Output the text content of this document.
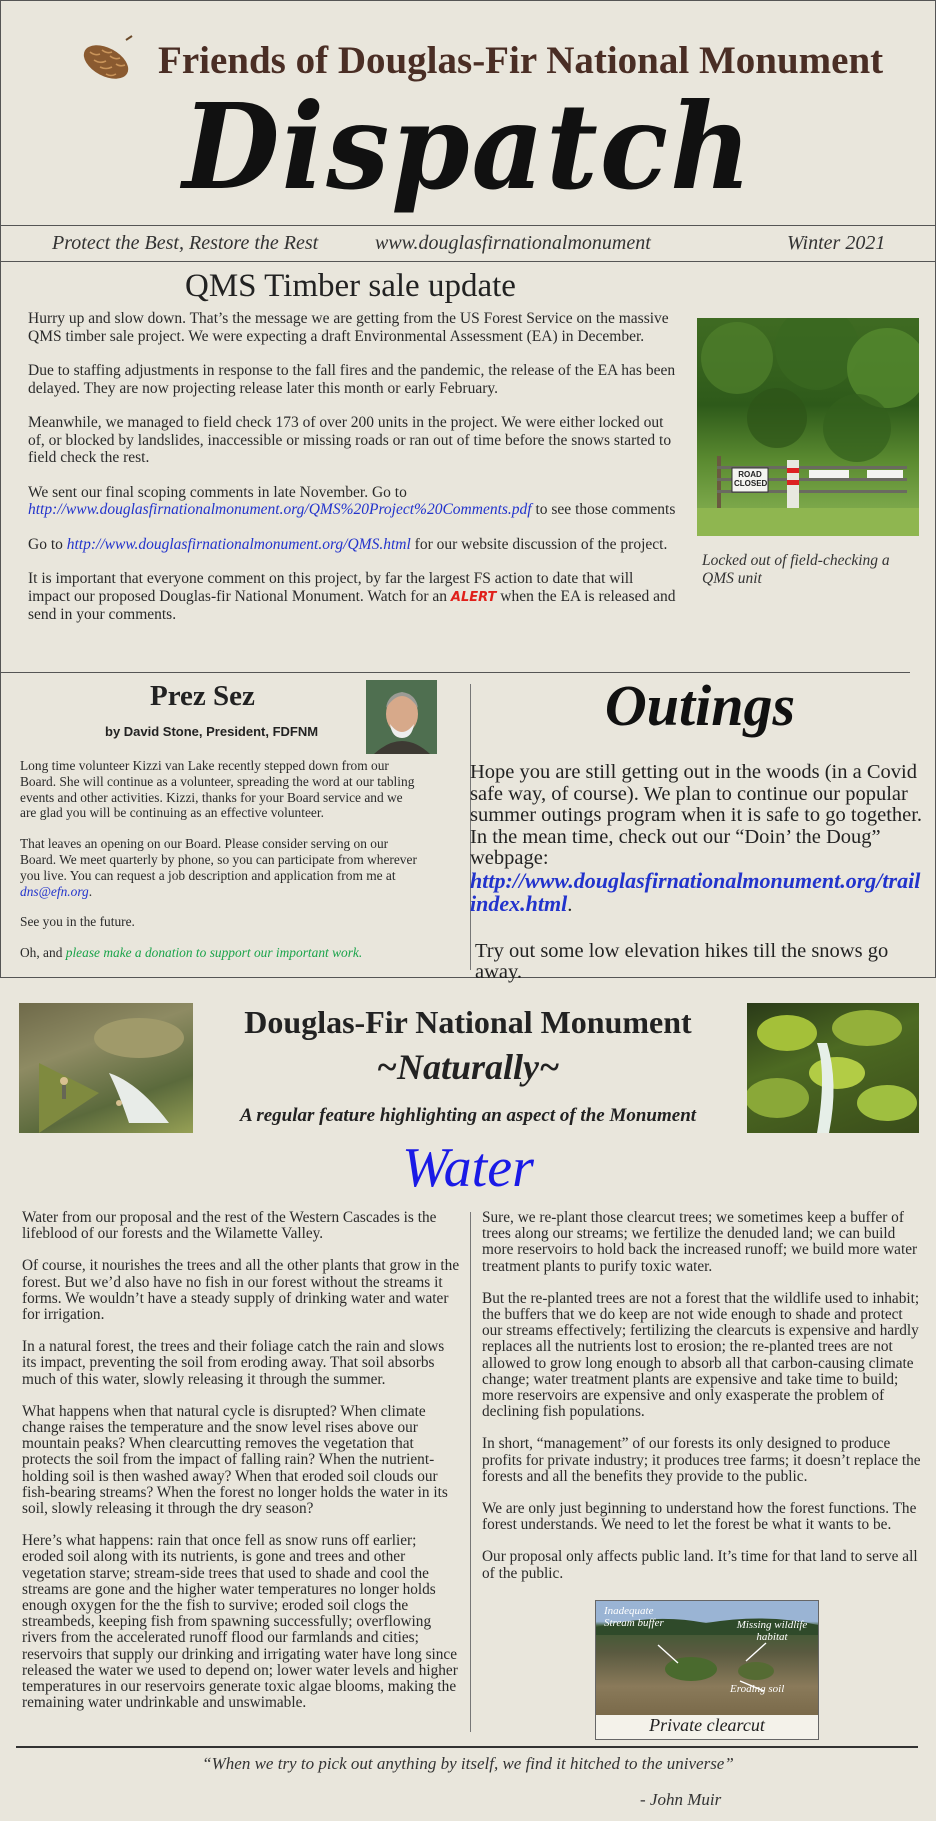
Friends of Douglas-Fir National Monument
Dispatch
Protect the Best, Restore the Rest	www.douglasfirnationalmonument	Winter 2021
QMS Timber sale update

Hurry up and slow down. That’s the message we are getting from the US Forest Service on the massive QMS timber sale project. We were expecting a draft Environmental Assessment (EA) in December.

Due to staffing adjustments in response to the fall fires and the pandemic, the release of the EA has been delayed. They are now projecting release later this month or early February.

Meanwhile, we managed to field check 173 of over 200 units in the project. We were either locked out of, or blocked by landslides, inaccessible or missing roads or ran out of time before the snows started to field check the rest.

We sent our final scoping comments in late November. Go to http://www.douglasfirnationalmonument.org/QMS%20Project%20Comments.pdf to see those comments

Go to http://www.douglasfirnationalmonument.org/QMS.html for our website discussion of the project.

It is important that everyone comment on this project, by far the largest FS action to date that will impact our proposed Douglas-fir National Monument. Watch for an ALERT when the EA is released and send in your comments.

ROAD CLOSED
Locked out of field-checking a QMS unit
Prez Sez
by David Stone, President, FDFNM

Long time volunteer Kizzi van Lake recently stepped down from our Board. She will continue as a volunteer, spreading the word at our tabling events and other activities. Kizzi, thanks for your Board service and we are glad you will be continuing as an effective volunteer.

That leaves an opening on our Board. Please consider serving on our Board. We meet quarterly by phone, so you can participate from wherever you live. You can request a job description and application from me at dns@efn.org.

See you in the future.

Oh, and please make a donation to support our important work.

Outings
Hope you are still getting out in the woods (in a Covid safe way, of course). We plan to continue our popular summer outings program when it is safe to go together. In the mean time, check out our “Doin’ the Doug” webpage:
http://www.douglasfirnationalmonument.org/trail index.html.
Try out some low elevation hikes till the snows go away.
Douglas-Fir National Monument
~Naturally~
A regular feature highlighting an aspect of the Monument
Water

Water from our proposal and the rest of the Western Cascades is the lifeblood of our forests and the Wilamette Valley.

Of course, it nourishes the trees and all the other plants that grow in the forest. But we’d also have no fish in our forest without the streams it forms. We wouldn’t have a steady supply of drinking water and water for irrigation.

In a natural forest, the trees and their foliage catch the rain and slows its impact, preventing the soil from eroding away. That soil absorbs much of this water, slowly releasing it through the summer.

What happens when that natural cycle is disrupted? When climate change raises the temperature and the snow level rises above our mountain peaks? When clearcutting removes the vegetation that protects the soil from the impact of falling rain? When the nutrient-holding soil is then washed away? When that eroded soil clouds our fish-bearing streams? When the forest no longer holds the water in its soil, slowly releasing it through the dry season?

Here’s what happens: rain that once fell as snow runs off earlier; eroded soil along with its nutrients, is gone and trees and other vegetation starve; stream-side trees that used to shade and cool the streams are gone and the higher water temperatures no longer holds enough oxygen for the the fish to survive; eroded soil clogs the streambeds, keeping fish from spawning successfully; overflowing rivers from the accelerated runoff flood our farmlands and cities; reservoirs that supply our drinking and irrigating water have long since released the water we used to depend on; lower water levels and higher temperatures in our reservoirs generate toxic algae blooms, making the remaining water undrinkable and unswimable.

Sure, we re-plant those clearcut trees; we sometimes keep a buffer of trees along our streams; we fertilize the denuded land; we can build more reservoirs to hold back the increased runoff; we build more water treatment plants to purify toxic water.

But the re-planted trees are not a forest that the wildlife used to inhabit; the buffers that we do keep are not wide enough to shade and protect our streams effectively; fertilizing the clearcuts is expensive and hardly replaces all the nutrients lost to erosion; the re-planted trees are not allowed to grow long enough to absorb all that carbon-causing climate change; water treatment plants are expensive and take time to build; more reservoirs are expensive and only exasperate the problem of declining fish populations.

In short, “management” of our forests its only designed to produce profits for private industry; it produces tree farms; it doesn’t replace the forests and all the benefits they provide to the public.

We are only just beginning to understand how the forest functions. The forest understands. We need to let the forest be what it wants to be.

Our proposal only affects public land. It’s time for that land to serve all of the public.

Inadequate Stream buffer	Missing wildlife habitat
Eroding soil
Private clearcut
“When we try to pick out anything by itself, we find it hitched to the universe”
- John Muir
